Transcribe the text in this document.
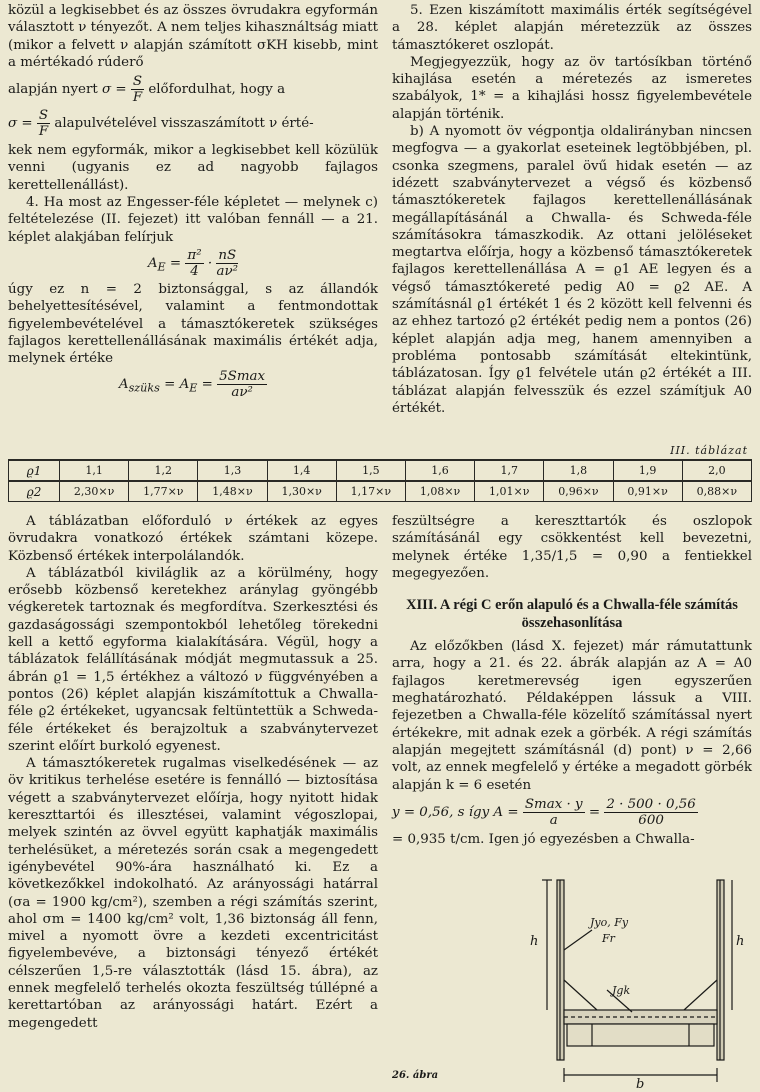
közül a legkisebbet és az összes övrudakra egyformán választott ν tényezőt. A nem teljes kihasználtság miatt (mikor a felvett ν alapján számított σKH kisebb, mint a mértékadó rúderő

alapján nyert $\sigma = \frac{S}{F}$ előfordulhat, hogy a

$\sigma = \frac{S}{F}$ alapulvételével visszaszámított ν érté-

kek nem egyformák, mikor a legkisebbet kell közülük venni (ugyanis ez ad nagyobb fajlagos kerettellenállást).

4. Ha most az Engesser-féle képletet — melynek c) feltételezése (II. fejezet) itt valóban fennáll — a 21. képlet alakjában felírjuk

$A_E = \frac{\text{π²}}{4} \cdot \frac{nS}{\text{aν²}}$

úgy ez n = 2 biztonsággal, s az állandók behelyettesítésével, valamint a fentmondottak figyelembevételével a támasztókeretek szükséges fajlagos kerettellenállásának maximális értékét adja, melynek értéke

$A_{szüks} = A_E = \frac{5Smax}{\text{aν²}}$

5. Ezen kiszámított maximális érték segítségével a 28. képlet alapján méretezzük az összes támasztókeret oszlopát.

Megjegyezzük, hogy az öv tartósíkban történő kihajlása esetén a méretezés az ismeretes szabályok, 1* = a kihajlási hossz figyelembevétele alapján történik.

b) A nyomott öv végpontja oldalirányban nincsen megfogva — a gyakorlat eseteinek legtöbbjében, pl. csonka szegmens, paralel övű hidak esetén — az idézett szabványtervezet a végső és közbenső támasztókeretek fajlagos kerettellenállásának megállapításánál a Chwalla- és Schweda-féle számításokra támaszkodik. Az ottani jelöléseket megtartva előírja, hogy a közbenső támasztókeretek fajlagos kerettellenállása A = ϱ1 AE legyen és a végső támasztókereté pedig A0 = ϱ2 AE. A számításnál ϱ1 értékét 1 és 2 között kell felvenni és az ehhez tartozó ϱ2 értékét pedig nem a pontos (26) képlet alapján adja meg, hanem amennyiben a probléma pontosabb számítását eltekintünk, táblázatosan. Így ϱ1 felvétele után ϱ2 értékét a III. táblázat alapján felvesszük és ezzel számítjuk A0 értékét.

III. táblázat
ϱ1	1,1	1,2	1,3	1,4	1,5	1,6	1,7	1,8	1,9	2,0
ϱ2	2,30×ν	1,77×ν	1,48×ν	1,30×ν	1,17×ν	1,08×ν	1,01×ν	0,96×ν	0,91×ν	0,88×ν

A táblázatban előforduló ν értékek az egyes övrudakra vonatkozó értékek számtani közepe. Közbenső értékek interpolálandók.

A táblázatból kiviláglik az a körülmény, hogy erősebb közbenső keretekhez aránylag gyöngébb végkeretek tartoznak és megfordítva. Szerkesztési és gazdaságossági szempontokból lehetőleg törekedni kell a kettő egyforma kialakítására. Végül, hogy a táblázatok felállításának módját megmutassuk a 25. ábrán ϱ1 = 1,5 értékhez a változó ν függvényében a pontos (26) képlet alapján kiszámítottuk a Chwalla-féle ϱ2 értékeket, ugyancsak feltüntettük a Schweda-féle értékeket és berajzoltuk a szabványtervezet szerint előírt burkoló egyenest.

A támasztókeretek rugalmas viselkedésének — az öv kritikus terhelése esetére is fennálló — biztosítása végett a szabványtervezet előírja, hogy nyitott hidak kereszttartói és illesztései, valamint végoszlopai, melyek szintén az övvel együtt kaphatják maximális terhelésüket, a méretezés során csak a megengedett igénybevétel 90%-ára használható ki. Ez a következőkkel indokolható. Az arányossági határral (σa = 1900 kg/cm²), szemben a régi számítás szerint, ahol σm = 1400 kg/cm² volt, 1,36 biztonság áll fenn, mivel a nyomott övre a kezdeti excentricitást figyelembevéve, a biztonsági tényező értékét célszerűen 1,5-re választották (lásd 15. ábra), az ennek megfelelő terhelés okozta feszültség túllépné a kerettartóban az arányossági határt. Ezért a megengedett

feszültségre a kereszttartók és oszlopok számításánál egy csökkentést kell bevezetni, melynek értéke 1,35/1,5 = 0,90 a fentiekkel megegyezően.

XIII. A régi C erőn alapuló és a Chwalla-féle számítás összehasonlítása

Az előzőkben (lásd X. fejezet) már rámutattunk arra, hogy a 21. és 22. ábrák alapján az A = A0 fajlagos keretmerevség igen egyszerűen meghatározható. Példaképpen lássuk a VIII. fejezetben a Chwalla-féle közelítő számítással nyert értékekre, mit adnak ezek a görbék. A régi számítás alapján megejtett számításnál (d) pont) ν = 2,66 volt, az ennek megfelelő y értéke a megadott görbék alapján k = 6 esetén

y = 0,56, s így $A = \frac{Smax \cdot y}{a} = \frac{2 \cdot 500 \cdot 0,56}{600}$

= 0,935 t/cm. Igen jó egyezésben a Chwalla-

h	h
Jyo, Fy
Fr
Jgk
b
26. ábra
